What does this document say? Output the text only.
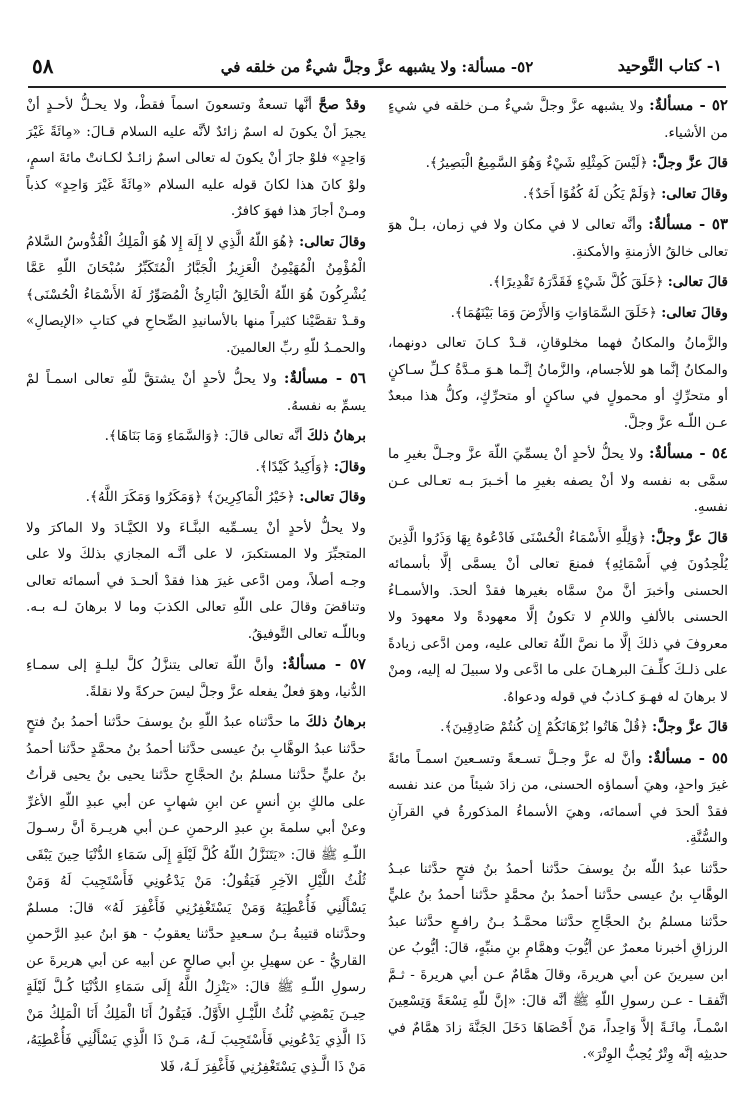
٥٨	٥٢- مسألة: ولا يشبهه عزَّ وجلَّ شيءٌ من خلقه في	١- كتاب التَّوحيد

٥٢ - مسألةٌ: ولا يشبهه عزَّ وجلَّ شيءٌ مـن خلقه في شيءٍ من الأشياء.

قالَ عزَّ وجلَّ: ﴿لَيْسَ كَمِثْلِهِ شَيْءٌ وَهُوَ السَّمِيعُ الْبَصِيرُ﴾.

وقالَ تعالى: ﴿وَلَمْ يَكُن لَهُ كُفُوًا أَحَدٌ﴾.

٥٣ - مسألةٌ: وأنَّه تعالى لا في مكان ولا في زمان، بـلْ هوَ تعالى خالقُ الأزمنةِ والأمكنةِ.

قالَ تعالى: ﴿خَلَقَ كُلَّ شَيْءٍ فَقَدَّرَهُ تَقْدِيرًا﴾.

وقالَ تعالى: ﴿خَلَقَ السَّمَاوَاتِ وَالأَرْضَ وَمَا بَيْنَهُمَا﴾.

والزَّمانُ والمكانُ فهما مخلوقانِ، قـدْ كـانَ تعالى دونهما، والمكانُ إنَّما هو للأجسام، والزَّمانُ إنَّـما هـوَ مـدَّةُ كـلِّ سـاكنٍ أو متحرِّكٍ أو محمولٍ في ساكنٍ أو متحرِّكٍ، وكلُّ هذا مبعدٌ عـن اللّـه عزَّ وجلَّ.

٥٤ - مسألةٌ: ولا يحلُّ لأحدٍ أنْ يسمِّيَ اللّهَ عزَّ وجـلَّ بغيرِ ما سمَّى به نفسه ولا أنْ يصفه بغيرِ ما أخـبرَ بـه تعـالى عـن نفسهِ.

قالَ عزَّ وجلَّ: ﴿وَلِلَّهِ الأَسْمَاءُ الْحُسْنَى فَادْعُوهُ بِهَا وَذَرُوا الَّذِينَ يُلْحِدُونَ فِي أَسْمَائِهِ﴾ فمنعَ تعالى أنْ يسمَّى إلَّا بأسمائه الحسنى وأخبرَ أنَّ منْ سمَّاه بغيرها فقدْ ألحدَ. والأسمـاءُ الحسنى بالألفِ واللامِ لا تكونُ إلَّا معهودةً ولا معهودَ ولا معروفَ في ذلكَ إلَّا ما نصَّ اللّهُ تعالى عليه، ومن ادَّعى زيادةً على ذلـكَ كلِّـفَ البرهـانَ على ما ادَّعى ولا سبيلَ له إليه، ومنْ لا برهانَ له فهـوَ كـاذبٌ في قوله ودعواهُ.

قالَ عزَّ وجلَّ: ﴿قُلْ هَاتُوا بُرْهَانَكُمْ إِن كُنتُمْ صَادِقِينَ﴾.

٥٥ - مسألةٌ: وأنَّ له عزَّ وجـلَّ تسـعةً وتسـعينَ اسمـاً مائةً غيرَ واحدٍ، وهيَ أسماؤه الحسنى، من زادَ شيئاً من عند نفسه فقدْ ألحدَ في أسمائه، وهيَ الأسماءُ المذكورةُ في القرآنِ والسُّنَّةِ.

حدَّثنا عبدُ اللّه بنُ يوسفَ حدَّثنا أحمدُ بنُ فتحٍ حدَّثنا عبـدُ الوهَّابِ بنُ عيسى حدَّثنا أحمدُ بنُ محمَّدٍ حدَّثنا أحمدُ بنُ عليٍّ حدَّثنا مسلمُ بنُ الحجَّاجِ حدَّثنا محمَّـدُ بـنُ رافـعٍ حدَّثنا عبدُ الرزاقِ أخبرنا معمرٌ عن أيُّوبَ وهمَّامِ بنِ منبِّهٍ، قالَ: أيُّوبُ عن ابن سيرينَ عن أبي هريرةَ، وقالَ همَّامٌ عـن أبي هريرةَ - ثـمَّ اتَّفقـا - عـن رسولِ اللّهِ ﷺ أنَّه قالَ: «إنَّ للّهِ تِسْعَةً وَتِسْعِينَ اسْمـاً، مِائَـةً إلاَّ وَاحِداً، مَنْ أَحْصَاهَا دَخَلَ الجَنَّةَ زادَ همَّامٌ في حديثِه إنَّه وِتْرٌ يُحِبُّ الوِتْرَ».

وقدْ صحَّ أنَّها تسعةٌ وتسعونَ اسماً فقطْ، ولا يحـلُّ لأحـدٍ أنْ يجيزَ أنْ يكونَ له اسمٌ زائدٌ لأنَّه عليه السلام قـالَ: «مِائَةً غَيْرَ وَاحِدٍ» فلوْ جازَ أنْ يكونَ له تعالى اسمٌ زائـدٌ لكـانتْ مائةَ اسمٍ، ولوْ كانَ هذا لكانَ قوله عليه السلام «مِائَةً غَيْرَ وَاحِدٍ» كذباً ومـنْ أجازَ هذا فهوَ كافرٌ.

وقالَ تعالى: ﴿هُوَ اللّهُ الَّذِي لا إِلَهَ إِلا هُوَ الْمَلِكُ الْقُدُّوسُ السَّلامُ الْمُؤْمِنُ الْمُهَيْمِنُ الْعَزِيزُ الْجَبَّارُ الْمُتَكَبِّرُ سُبْحَانَ اللّهِ عَمَّا يُشْرِكُونَ هُوَ اللّهُ الْخَالِقُ الْبَارِئُ الْمُصَوِّرُ لَهُ الأَسْمَاءُ الْحُسْنَى﴾ وقـدْ تقصَّيْنا كثيراً منها بالأسانيدِ الصِّحاحِ في كتابِ «الإيصالِ» والحمـدُ للّهِ ربِّ العالمينَ.

٥٦ - مسألةٌ: ولا يحلُّ لأحدٍ أنْ يشتقَّ للّهِ تعالى اسمـاً لمْ يسمِّ به نفسهُ.

برهانُ ذلكَ أنَّه تعالى قالَ: ﴿وَالسَّمَاءِ وَمَا بَنَاهَا﴾.

وقالَ: ﴿وَأَكِيدُ كَيْدًا﴾.

وقالَ تعالى: ﴿خَيْرُ الْمَاكِرِينَ﴾ ﴿وَمَكَرُوا وَمَكَرَ اللَّهُ﴾.

ولا يحلُّ لأحدٍ أنْ يسـمِّيه البنَّـاءَ ولا الكيَّـادَ ولا الماكرَ ولا المتجبِّرَ ولا المستكبرَ، لا على أنَّـه المجازي بذلكَ ولا على وجـه أصلاً، ومن ادَّعى غيرَ هذا فقدْ ألحـدَ في أسمائه تعالى وتناقضَ وقالَ على اللّهِ تعالى الكذبَ وما لا برهانَ لـه بـه. وباللّـه تعالى التَّوفيقُ.

٥٧ - مسألةٌ: وأنَّ اللّهَ تعالى يتنزَّلُ كلَّ ليلـةٍ إلى سمـاءِ الدُّنيا، وهوَ فعلٌ يفعله عزَّ وجلَّ ليسَ حركةً ولا نقلةً.

برهانُ ذلكَ ما حدَّثناه عبدُ اللّهِ بنُ يوسفَ حدَّثنا أحمدُ بنُ فتحٍ حدَّثنا عبدُ الوهَّابِ بنُ عيسى حدَّثنا أحمدُ بنُ محمَّدٍ حدَّثنا أحمدُ بنُ عليٍّ حدَّثنا مسلمُ بنُ الحجَّاجِ حدَّثنا يحيى بنُ يحيى قرأتُ على مالكٍ بنِ أنسٍ عن ابنِ شهابٍ عن أبي عبدِ اللّهِ الأغرِّ وعنْ أبي سلمةَ بنِ عبدِ الرحمنِ عـن أبي هريـرةَ أنَّ رسـولَ اللّـهِ ﷺ قالَ: «يَتَنَزَّلُ اللّهُ كُلَّ لَيْلَةٍ إِلَى سَمَاءِ الدُّنْيَا حِينَ يَبْقَى ثُلُثُ اللَّيْلِ الآخِرِ فَيَقُولُ: مَنْ يَدْعُونِي فَأَسْتَجِيبَ لَهُ وَمَنْ يَسْأَلُنِي فَأُعْطِيَهُ وَمَنْ يَسْتَغْفِرُنِي فَأَغْفِرَ لَهُ» قالَ: مسلمٌ وحدَّثناه قتيبةُ بـنُ سـعيدٍ حدَّثنا يعقوبُ - هوَ ابنُ عبدِ الرَّحمنِ القاريُّ - عن سهيلِ بنِ أبي صالحٍ عن أبيه عن أبي هريرةَ عن رسولِ اللّـهِ ﷺ قالَ: «يَنْزِلُ اللَّهُ إِلَى سَمَاءِ الدُّنْيَا كُـلَّ لَيْلَةٍ حِيـنَ يَمْضِي ثُلُثُ اللَّيْـلِ الأَوَّلُ. فَيَقُولُ أَنَا الْمَلِكُ أَنَا الْمَلِكُ مَنْ ذَا الَّذِي يَدْعُونِي فَأَسْتَجِيبَ لَـهُ، مَـنْ ذَا الَّذِي يَسْأَلُنِي فَأُعْطِيَهُ، مَنْ ذَا الَّـذِي يَسْتَغْفِرُنِي فَأَغْفِرَ لَـهُ، فَلا
